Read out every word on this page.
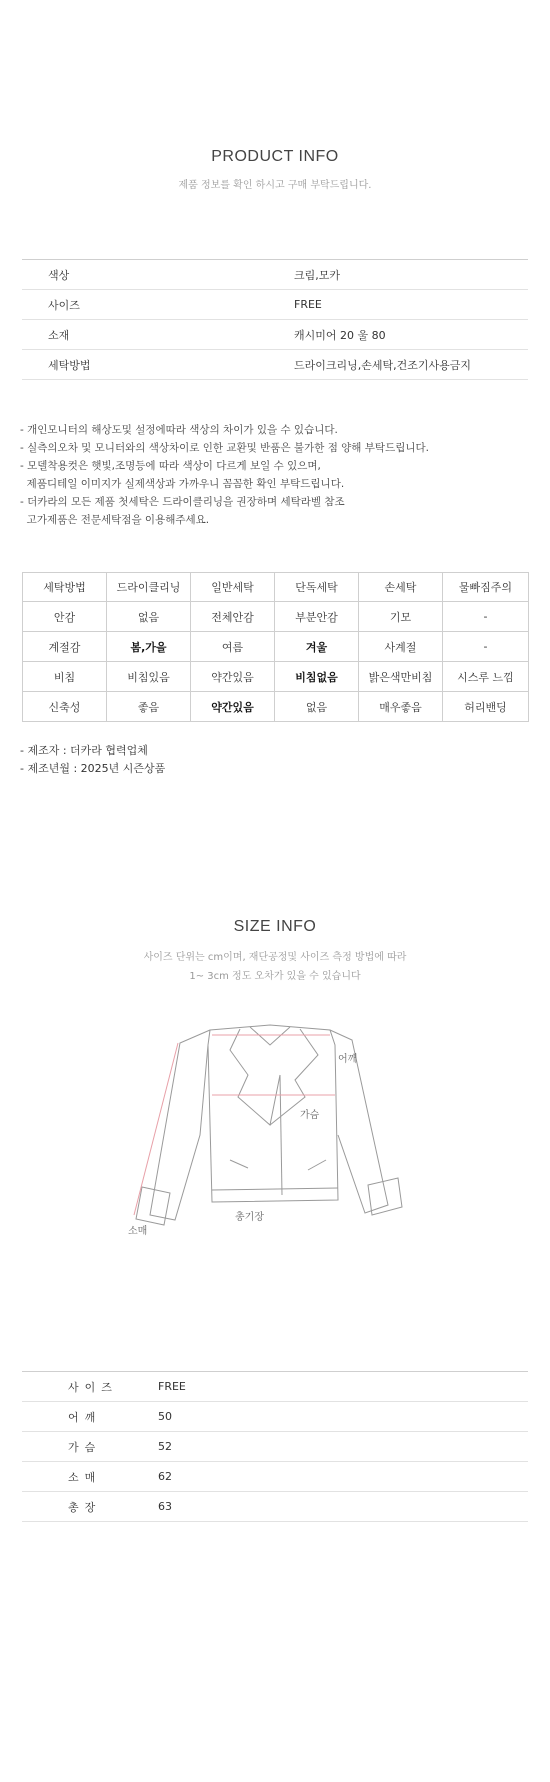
PRODUCT INFO
제품 정보를 확인 하시고 구매 부탁드립니다.
색상	크림,모카
사이즈	FREE
소재	캐시미어 20 울 80
세탁방법	드라이크리닝,손세탁,건조기사용금지

- 개인모니터의 해상도및 설정에따라 색상의 차이가 있을 수 있습니다.
- 실측의오차 및 모니터와의 색상차이로 인한 교환및 반품은 불가한 점 양해 부탁드립니다.
- 모델착용컷은 햇빛,조명등에 따라 색상이 다르게 보일 수 있으며,
제품디테일 이미지가 실제색상과 가까우니 꼼꼼한 확인 부탁드립니다.
- 더카라의 모든 제품 첫세탁은 드라이클리닝을 권장하며 세탁라벨 참조
고가제품은 전문세탁점을 이용해주세요.

세탁방법	드라이클리닝	일반세탁	단독세탁	손세탁	물빠짐주의
안감	없음	전체안감	부분안감	기모	-
계절감	봄,가을	여름	겨울	사계절	-
비침	비침있음	약간있음	비침없음	밝은색만비침	시스루 느낌
신축성	좋음	약간있음	없음	매우좋음	허리밴딩
- 제조자 : 더카라 협력업체
- 제조년월 : 2025년 시즌상품
SIZE INFO
사이즈 단위는 cm이며, 재단공정및 사이즈 측정 방법에 따라
1~ 3cm 정도 오차가 있을 수 있습니다
어깨
가슴
소매
총기장
사이즈	FREE
어깨	50
가슴	52
소매	62
총장	63
